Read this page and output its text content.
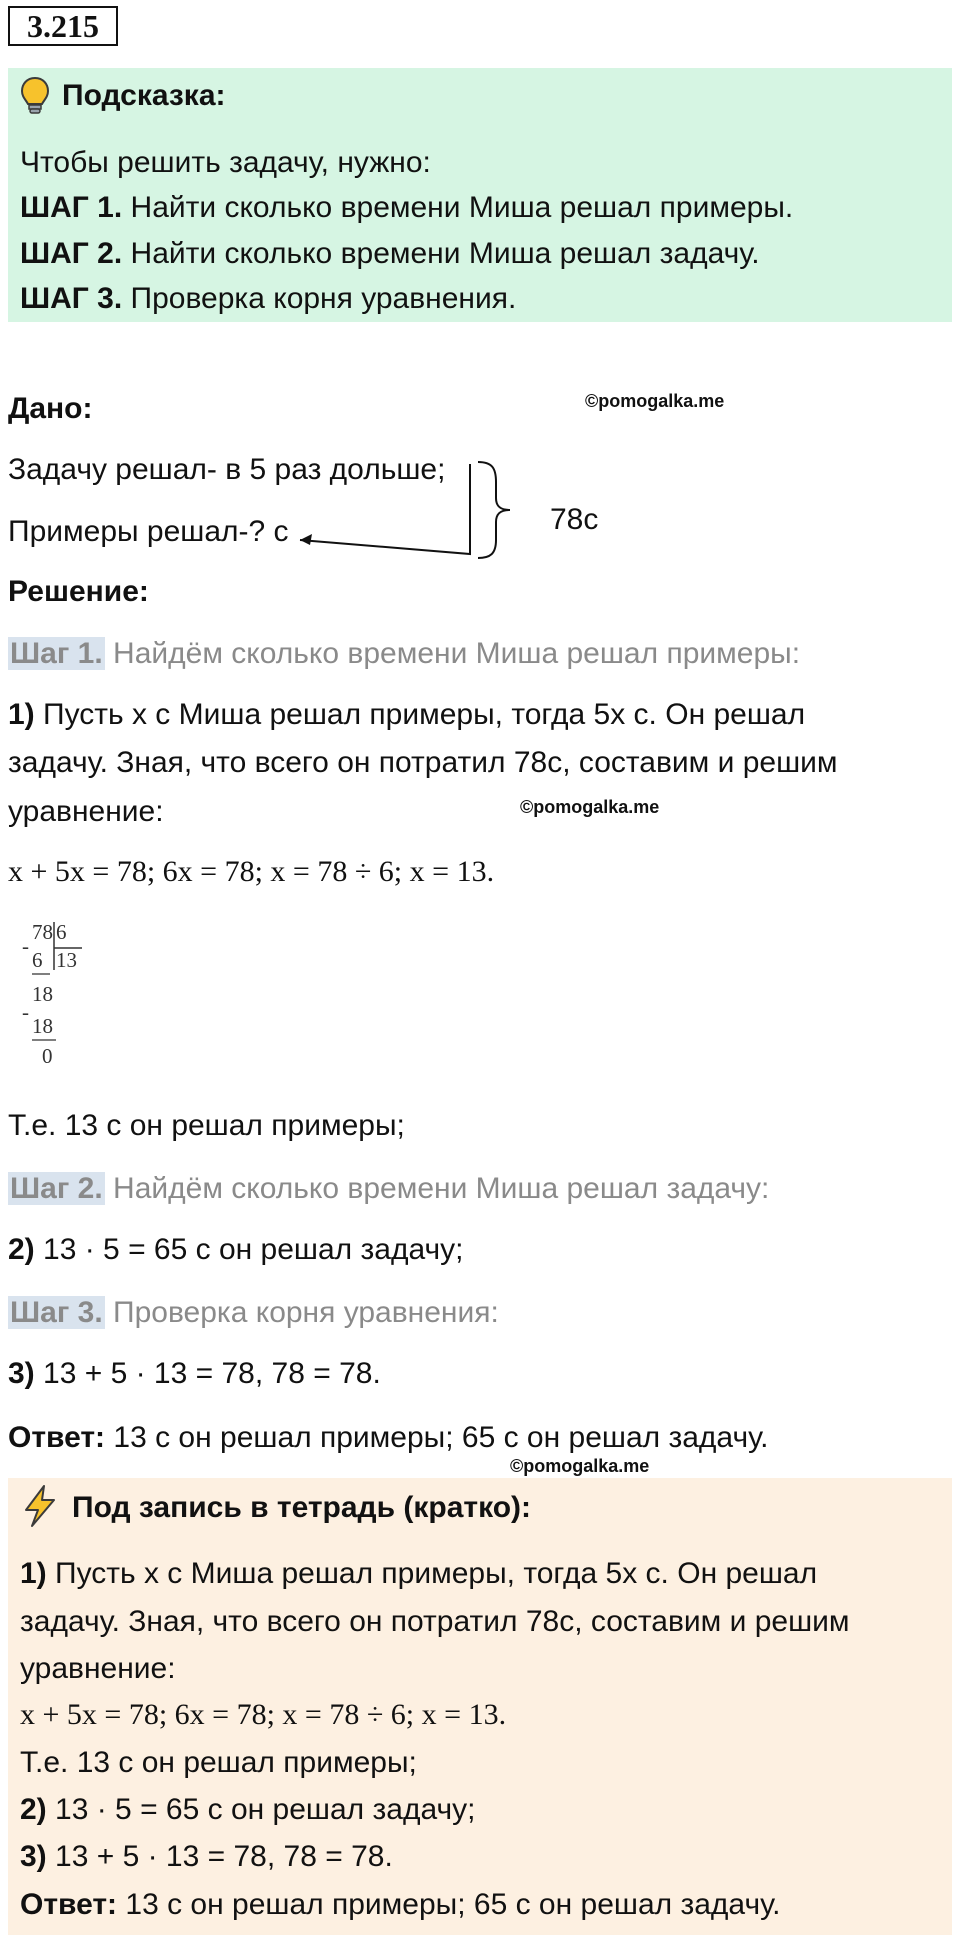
3.215
Подсказка:
Чтобы решить задачу, нужно:
ШАГ 1. Найти сколько времени Миша решал примеры.
ШАГ 2. Найти сколько времени Миша решал задачу.
ШАГ 3. Проверка корня уравнения.
Дано:	©pomogalka.me
Задачу решал- в 5 раз дольше;
Примеры решал-? с	78с
Решение:
Шаг 1. Найдём сколько времени Миша решал примеры:
1) Пусть x с Миша решал примеры, тогда 5x с. Он решал
задачу. Зная, что всего он потратил 78с, составим и решим
уравнение:	©pomogalka.me
x + 5x = 78; 6x = 78; x = 78 ÷ 6; x = 13.
78 6
-
6 13
18
-
18
0
Т.е. 13 с он решал примеры;
Шаг 2. Найдём сколько времени Миша решал задачу:
2) 13 · 5 = 65 с он решал задачу;
Шаг 3. Проверка корня уравнения:
3) 13 + 5 · 13 = 78, 78 = 78.
Ответ: 13 с он решал примеры; 65 с он решал задачу.
©pomogalka.me
Под запись в тетрадь (кратко):
1) Пусть x с Миша решал примеры, тогда 5x с. Он решал
задачу. Зная, что всего он потратил 78с, составим и решим
уравнение:
x + 5x = 78; 6x = 78; x = 78 ÷ 6; x = 13.
Т.е. 13 с он решал примеры;
2) 13 · 5 = 65 с он решал задачу;
3) 13 + 5 · 13 = 78, 78 = 78.
Ответ: 13 с он решал примеры; 65 с он решал задачу.
